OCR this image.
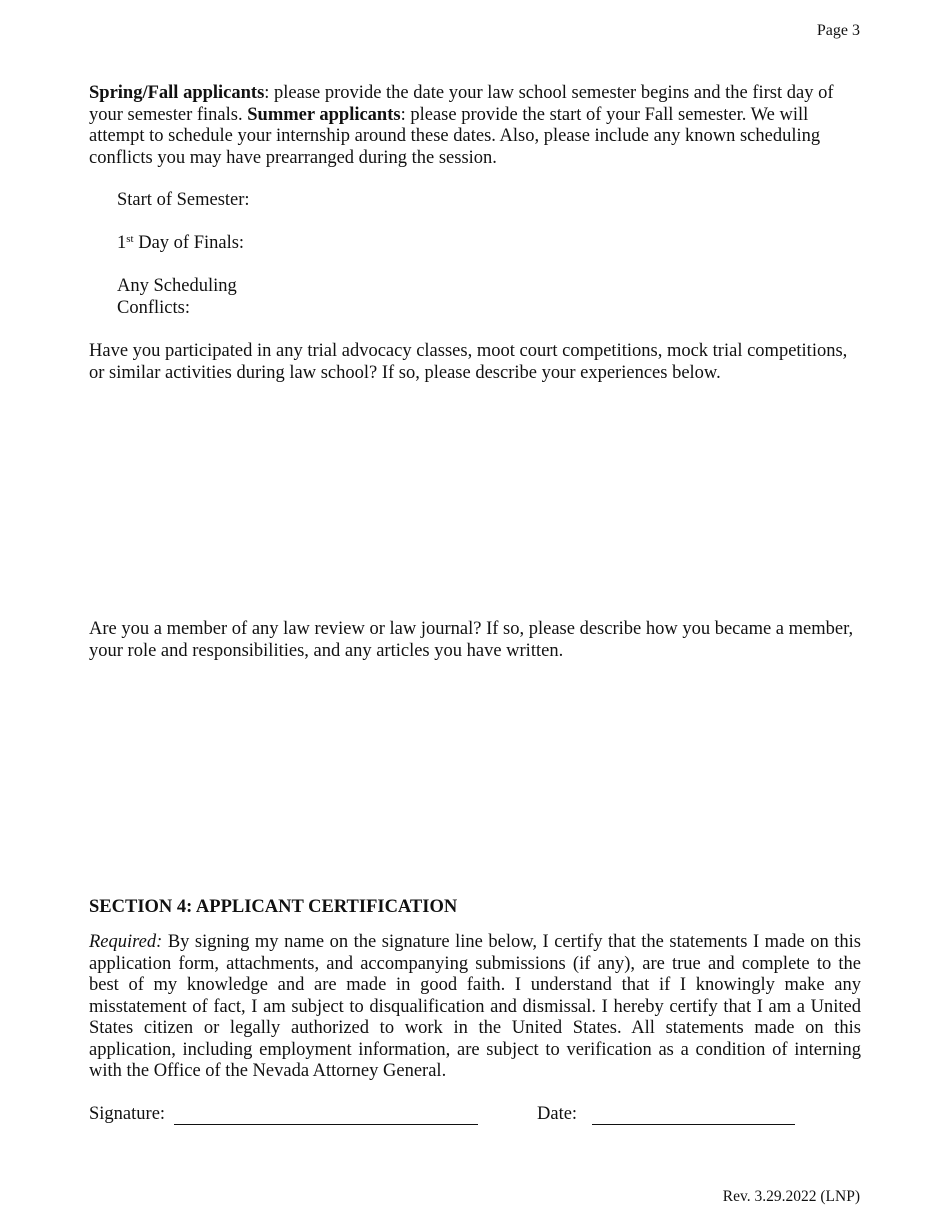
Page 3

Spring/Fall applicants: please provide the date your law school semester begins and the first day of your semester finals. Summer applicants: please provide the start of your Fall semester. We will attempt to schedule your internship around these dates. Also, please include any known scheduling conflicts you may have prearranged during the session.

Start of Semester:
1st Day of Finals:
Any Scheduling
Conflicts:

Have you participated in any trial advocacy classes, moot court competitions, mock trial competitions, or similar activities during law school? If so, please describe your experiences below.

Are you a member of any law review or law journal? If so, please describe how you became a member, your role and responsibilities, and any articles you have written.

SECTION 4: APPLICANT CERTIFICATION

Required: By signing my name on the signature line below, I certify that the statements I made on this application form, attachments, and accompanying submissions (if any), are true and complete to the best of my knowledge and are made in good faith. I understand that if I knowingly make any misstatement of fact, I am subject to disqualification and dismissal. I hereby certify that I am a United States citizen or legally authorized to work in the United States. All statements made on this application, including employment information, are subject to verification as a condition of interning with the Office of the Nevada Attorney General.

Signature:	Date:
Rev. 3.29.2022 (LNP)
